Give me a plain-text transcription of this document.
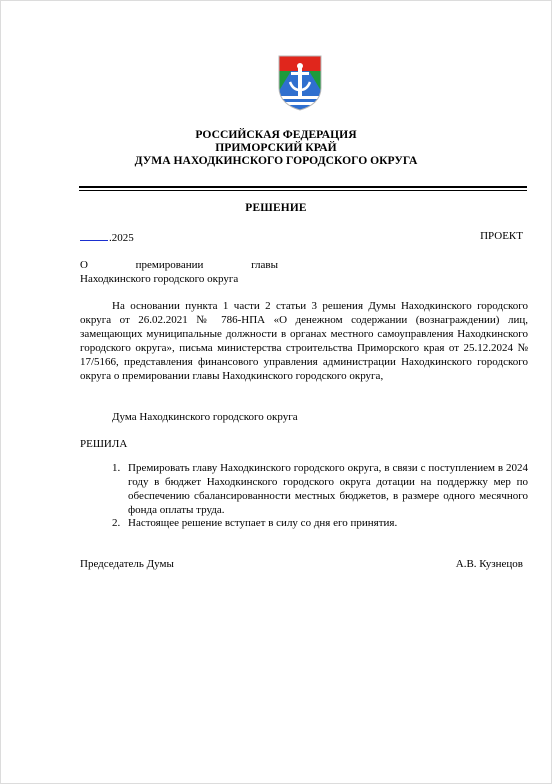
РОССИЙСКАЯ ФЕДЕРАЦИЯ
ПРИМОРСКИЙ КРАЙ
ДУМА НАХОДКИНСКОГО ГОРОДСКОГО ОКРУГА
РЕШЕНИЕ
.2025	ПРОЕКТ
О премировании главы
Находкинского городского округа
На основании пункта 1 части 2 статьи 3 решения Думы Находкинского городского округа от 26.02.2021 № 786-НПА «О денежном содержании (вознаграждении) лиц, замещающих муниципальные должности в органах местного самоуправления Находкинского городского округа», письма министерства строительства Приморского края от 25.12.2024 № 17/5166, представления финансового управления администрации Находкинского городского округа о премировании главы Находкинского городского округа,
Дума Находкинского городского округа
РЕШИЛА
1. Премировать главу Находкинского городского округа, в связи с поступлением в 2024 году в бюджет Находкинского городского округа дотации на поддержку мер по обеспечению сбалансированности местных бюджетов, в размере одного месячного фонда оплаты труда.
2. Настоящее решение вступает в силу со дня его принятия.
Председатель Думы	А.В. Кузнецов
